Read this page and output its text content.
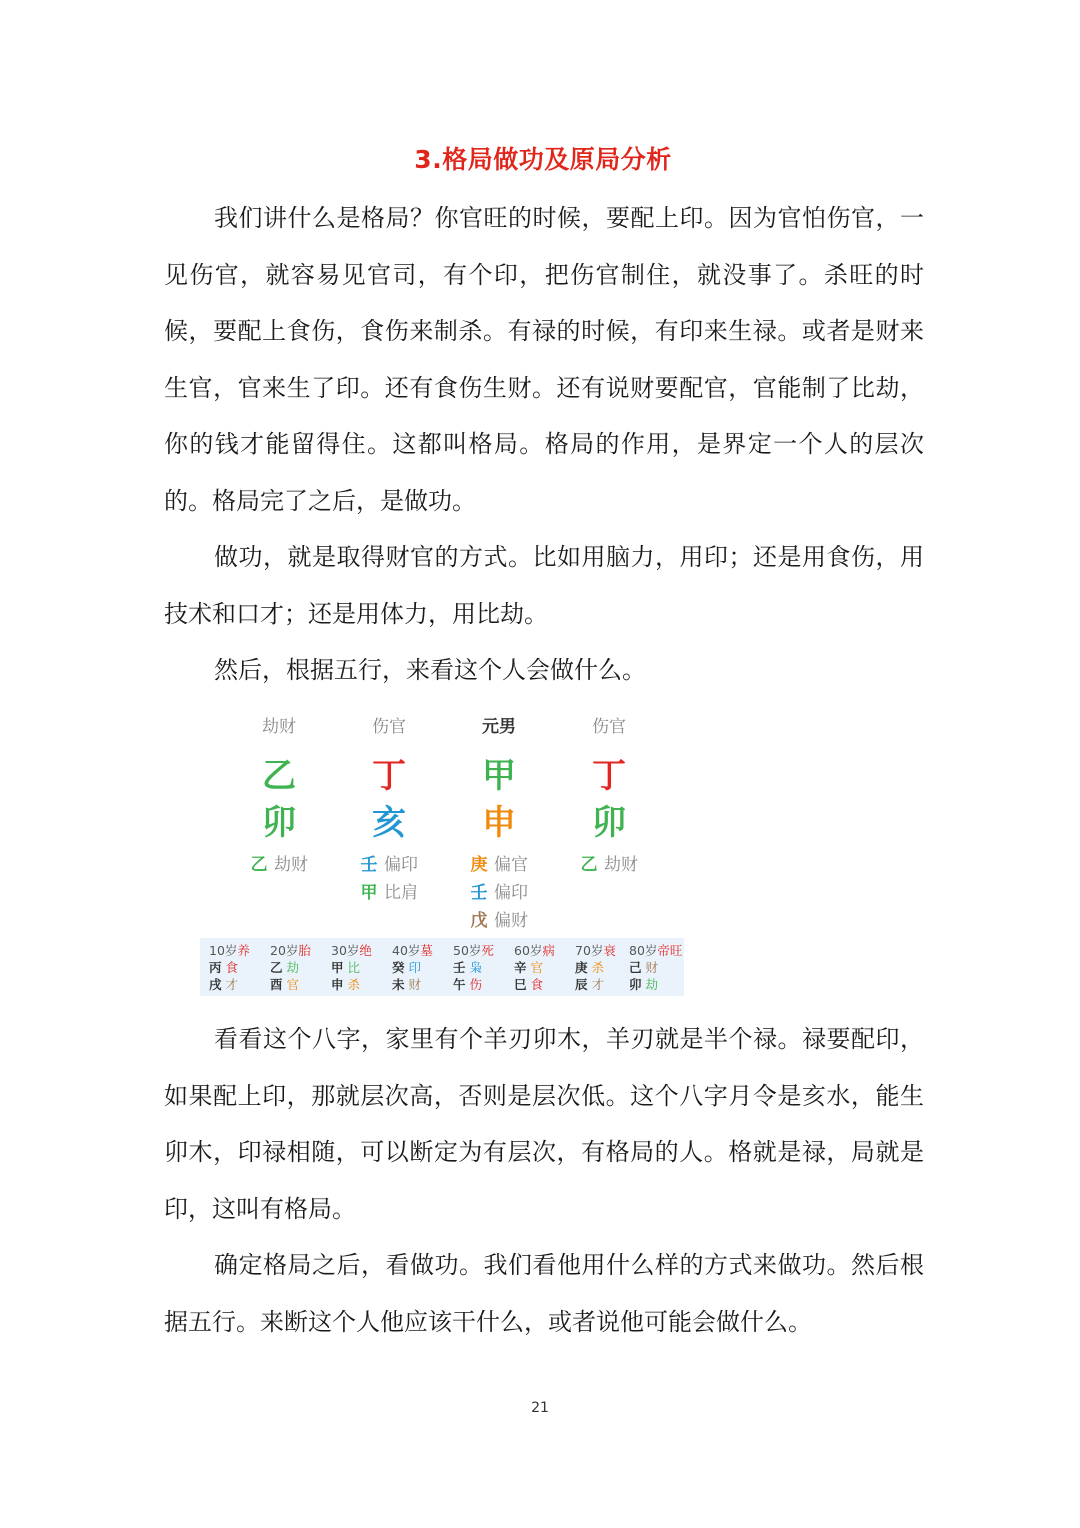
3.格局做功及原局分析

我们讲什么是格局？你官旺的时候，要配上印。因为官怕伤官，一见伤官，就容易见官司，有个印，把伤官制住，就没事了。杀旺的时候，要配上食伤，食伤来制杀。有禄的时候，有印来生禄。或者是财来生官，官来生了印。还有食伤生财。还有说财要配官，官能制了比劫，你的钱才能留得住。这都叫格局。格局的作用，是界定一个人的层次的。格局完了之后，是做功。

做功，就是取得财官的方式。比如用脑力，用印；还是用食伤，用技术和口才；还是用体力，用比劫。

然后，根据五行，来看这个人会做什么。

劫财
乙
卯
乙 劫财
伤官
丁
亥
壬 偏印
甲 比肩
元男
甲
申
庚 偏官
壬 偏印
戊 偏财
伤官
丁
卯
乙 劫财
10岁养
丙 食
戌 才
20岁胎
乙 劫
酉 官
30岁绝
甲 比
申 杀
40岁墓
癸 印
未 财
50岁死
壬 枭
午 伤
60岁病
辛 官
巳 食
70岁衰
庚 杀
辰 才
80岁帝旺
己 财
卯 劫

看看这个八字，家里有个羊刃卯木，羊刃就是半个禄。禄要配印，如果配上印，那就层次高，否则是层次低。这个八字月令是亥水，能生卯木，印禄相随，可以断定为有层次，有格局的人。格就是禄，局就是印，这叫有格局。

确定格局之后，看做功。我们看他用什么样的方式来做功。然后根据五行。来断这个人他应该干什么，或者说他可能会做什么。

21
